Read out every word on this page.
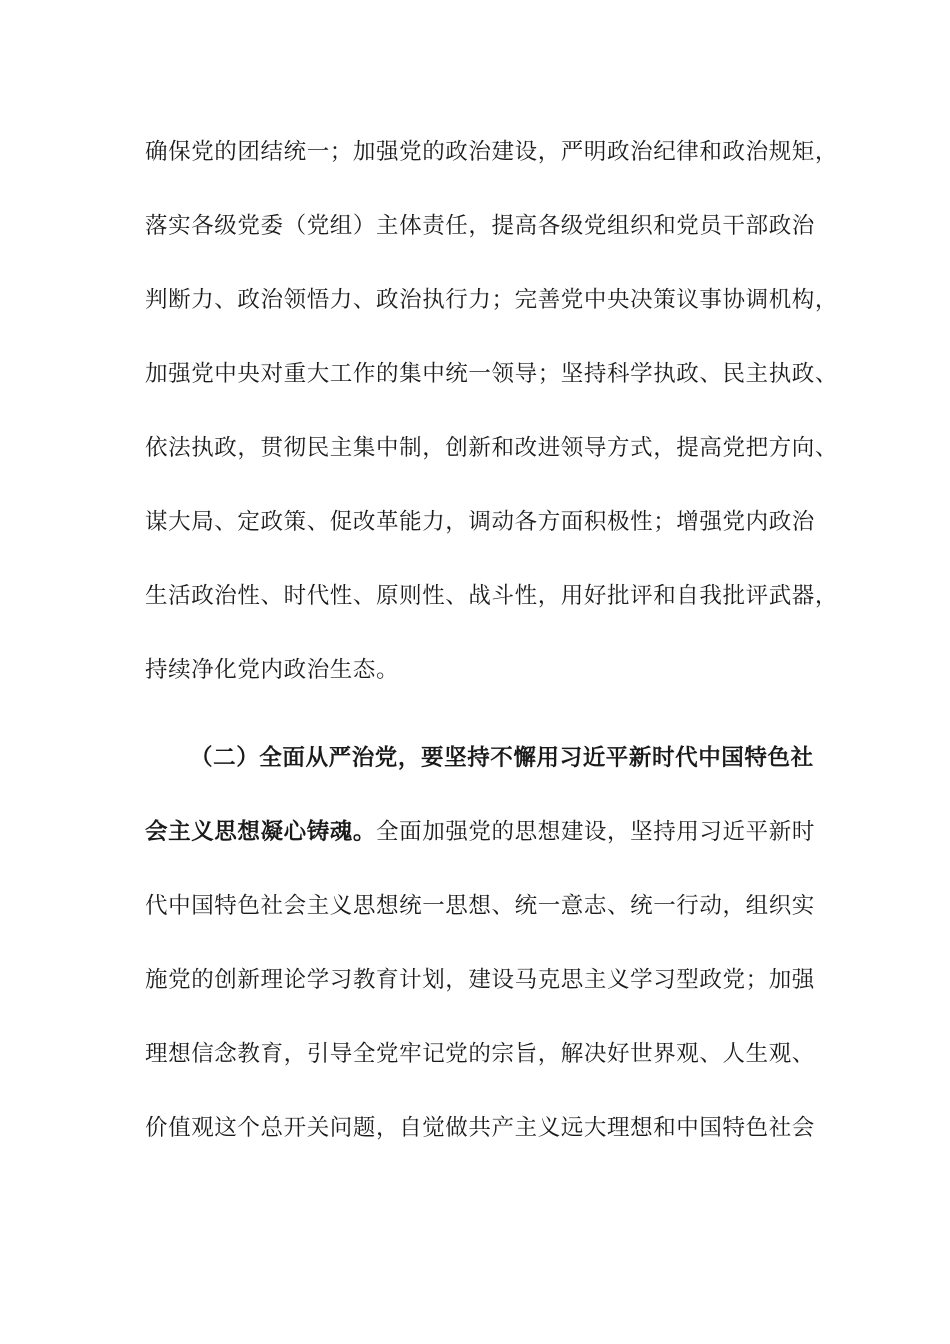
确保党的团结统一；加强党的政治建设，严明政治纪律和政治规矩，
落实各级党委（党组）主体责任，提高各级党组织和党员干部政治
判断力、政治领悟力、政治执行力；完善党中央决策议事协调机构，
加强党中央对重大工作的集中统一领导；坚持科学执政、民主执政、
依法执政，贯彻民主集中制，创新和改进领导方式，提高党把方向、
谋大局、定政策、促改革能力，调动各方面积极性；增强党内政治
生活政治性、时代性、原则性、战斗性，用好批评和自我批评武器，
持续净化党内政治生态。
（二）全面从严治党，要坚持不懈用习近平新时代中国特色社
会主义思想凝心铸魂。全面加强党的思想建设，坚持用习近平新时
代中国特色社会主义思想统一思想、统一意志、统一行动，组织实
施党的创新理论学习教育计划，建设马克思主义学习型政党；加强
理想信念教育，引导全党牢记党的宗旨，解决好世界观、人生观、
价值观这个总开关问题，自觉做共产主义远大理想和中国特色社会
